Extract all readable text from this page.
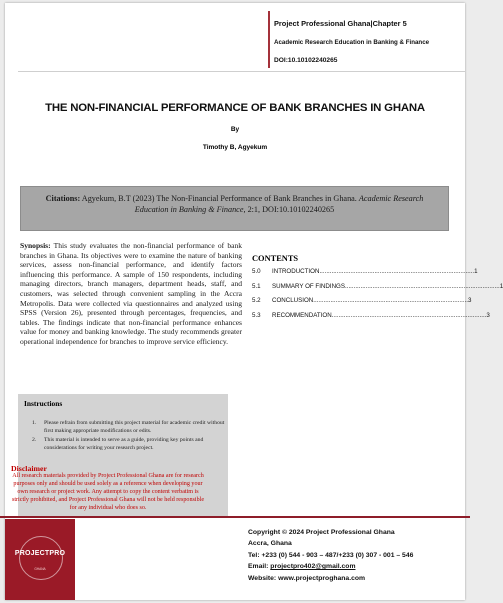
Project Professional Ghana|Chapter 5
Academic Research Education in Banking & Finance
DOI:10.10102240265
THE NON-FINANCIAL PERFORMANCE OF BANK BRANCHES IN GHANA
By
Timothy B, Agyekum
Citations: Agyekum, B.T (2023) The Non-Financial Performance of Bank Branches in Ghana. Academic Research Education in Banking & Finance, 2:1, DOI:10.10102240265
Synopsis: This study evaluates the non-financial performance of bank branches in Ghana. Its objectives were to examine the nature of banking services, assess non-financial performance, and identify factors influencing this performance. A sample of 150 respondents, including managing directors, branch managers, department heads, staff, and customers, was selected through convenient sampling in the Accra Metropolis. Data were collected via questionnaires and analyzed using SPSS (Version 26), presented through percentages, frequencies, and tables. The findings indicate that non-financial performance enhances value for money and banking knowledge. The study recommends greater operational independence for branches to improve service efficiency.
CONTENTS
5.0	INTRODUCTION .......................................................................................... 1
5.1	SUMMARY OF FINDINGS .......................................................................................... 1
5.2	CONCLUSION .......................................................................................... 3
5.3	RECOMMENDATION .......................................................................................... 3
Instructions
1.	Please refrain from submitting this project material for academic credit without first making appropriate modifications or edits.
2.	This material is intended to serve as a guide, providing key points and considerations for writing your research project.
Disclaimer
All research materials provided by Project Professional Ghana are for research purposes only and should be used solely as a reference when developing your own research or project work. Any attempt to copy the content verbatim is strictly prohibited, and Project Professional Ghana will not be held responsible for any individual who does so.
PROJECTPRO
GHANA
Copyright © 2024 Project Professional Ghana
Accra, Ghana
Tel: +233 (0) 544 - 903 – 487/+233 (0) 307 - 001 – 546
Email: projectpro402@gmail.com
Website: www.projectproghana.com
